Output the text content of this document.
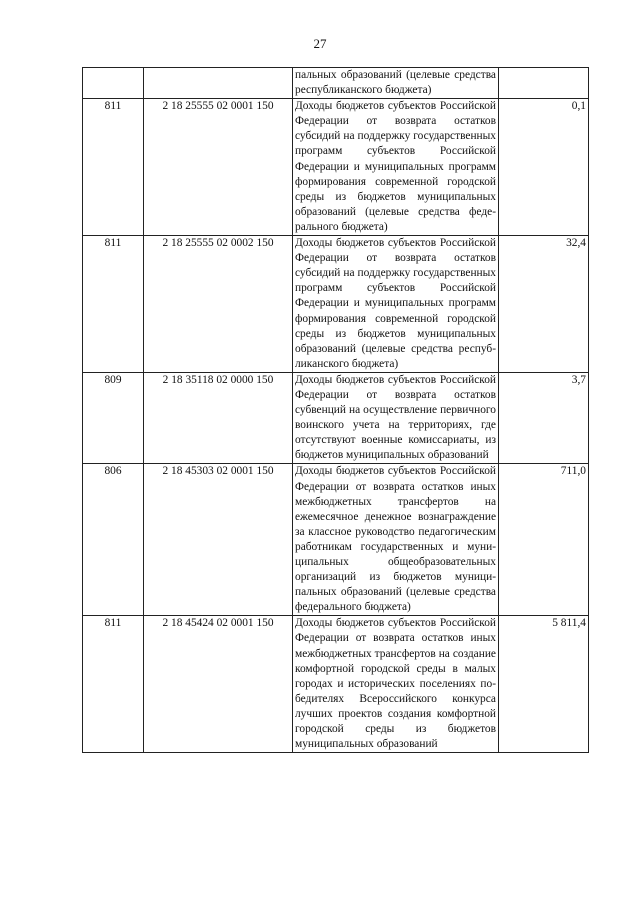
27
		пальных образований (целевые средства республиканского бюджета)	
811	2 18 25555 02 0001 150	Доходы бюджетов субъектов Российской Федерации от возврата остатков субсидий на поддержку государственных программ субъектов Российской Федерации и муниципальных программ формирования современной городской среды из бюджетов муниципальных образований (целевые средства федерального бюджета)	0,1
811	2 18 25555 02 0002 150	Доходы бюджетов субъектов Российской Федерации от возврата остатков субсидий на поддержку государственных программ субъектов Российской Федерации и муниципальных программ формирования современной городской среды из бюджетов муниципальных образований (целевые средства республиканского бюджета)	32,4
809	2 18 35118 02 0000 150	Доходы бюджетов субъектов Российской Федерации от возврата остатков субвенций на осуществление первичного воинского учета на территориях, где отсутствуют военные комиссариаты, из бюджетов муниципальных образований	3,7
806	2 18 45303 02 0001 150	Доходы бюджетов субъектов Российской Федерации от возврата остатков иных межбюджетных трансфертов на ежемесячное денежное вознаграждение за классное руководство педагогическим работникам государственных и муниципальных общеобразовательных организаций из бюджетов муниципальных образований (целевые средства федерального бюджета)	711,0
811	2 18 45424 02 0001 150	Доходы бюджетов субъектов Российской Федерации от возврата остатков иных межбюджетных трансфертов на создание комфортной городской среды в малых городах и исторических поселениях победителях Всероссийского конкурса лучших проектов создания комфортной городской среды из бюджетов муниципальных образований	5 811,4
